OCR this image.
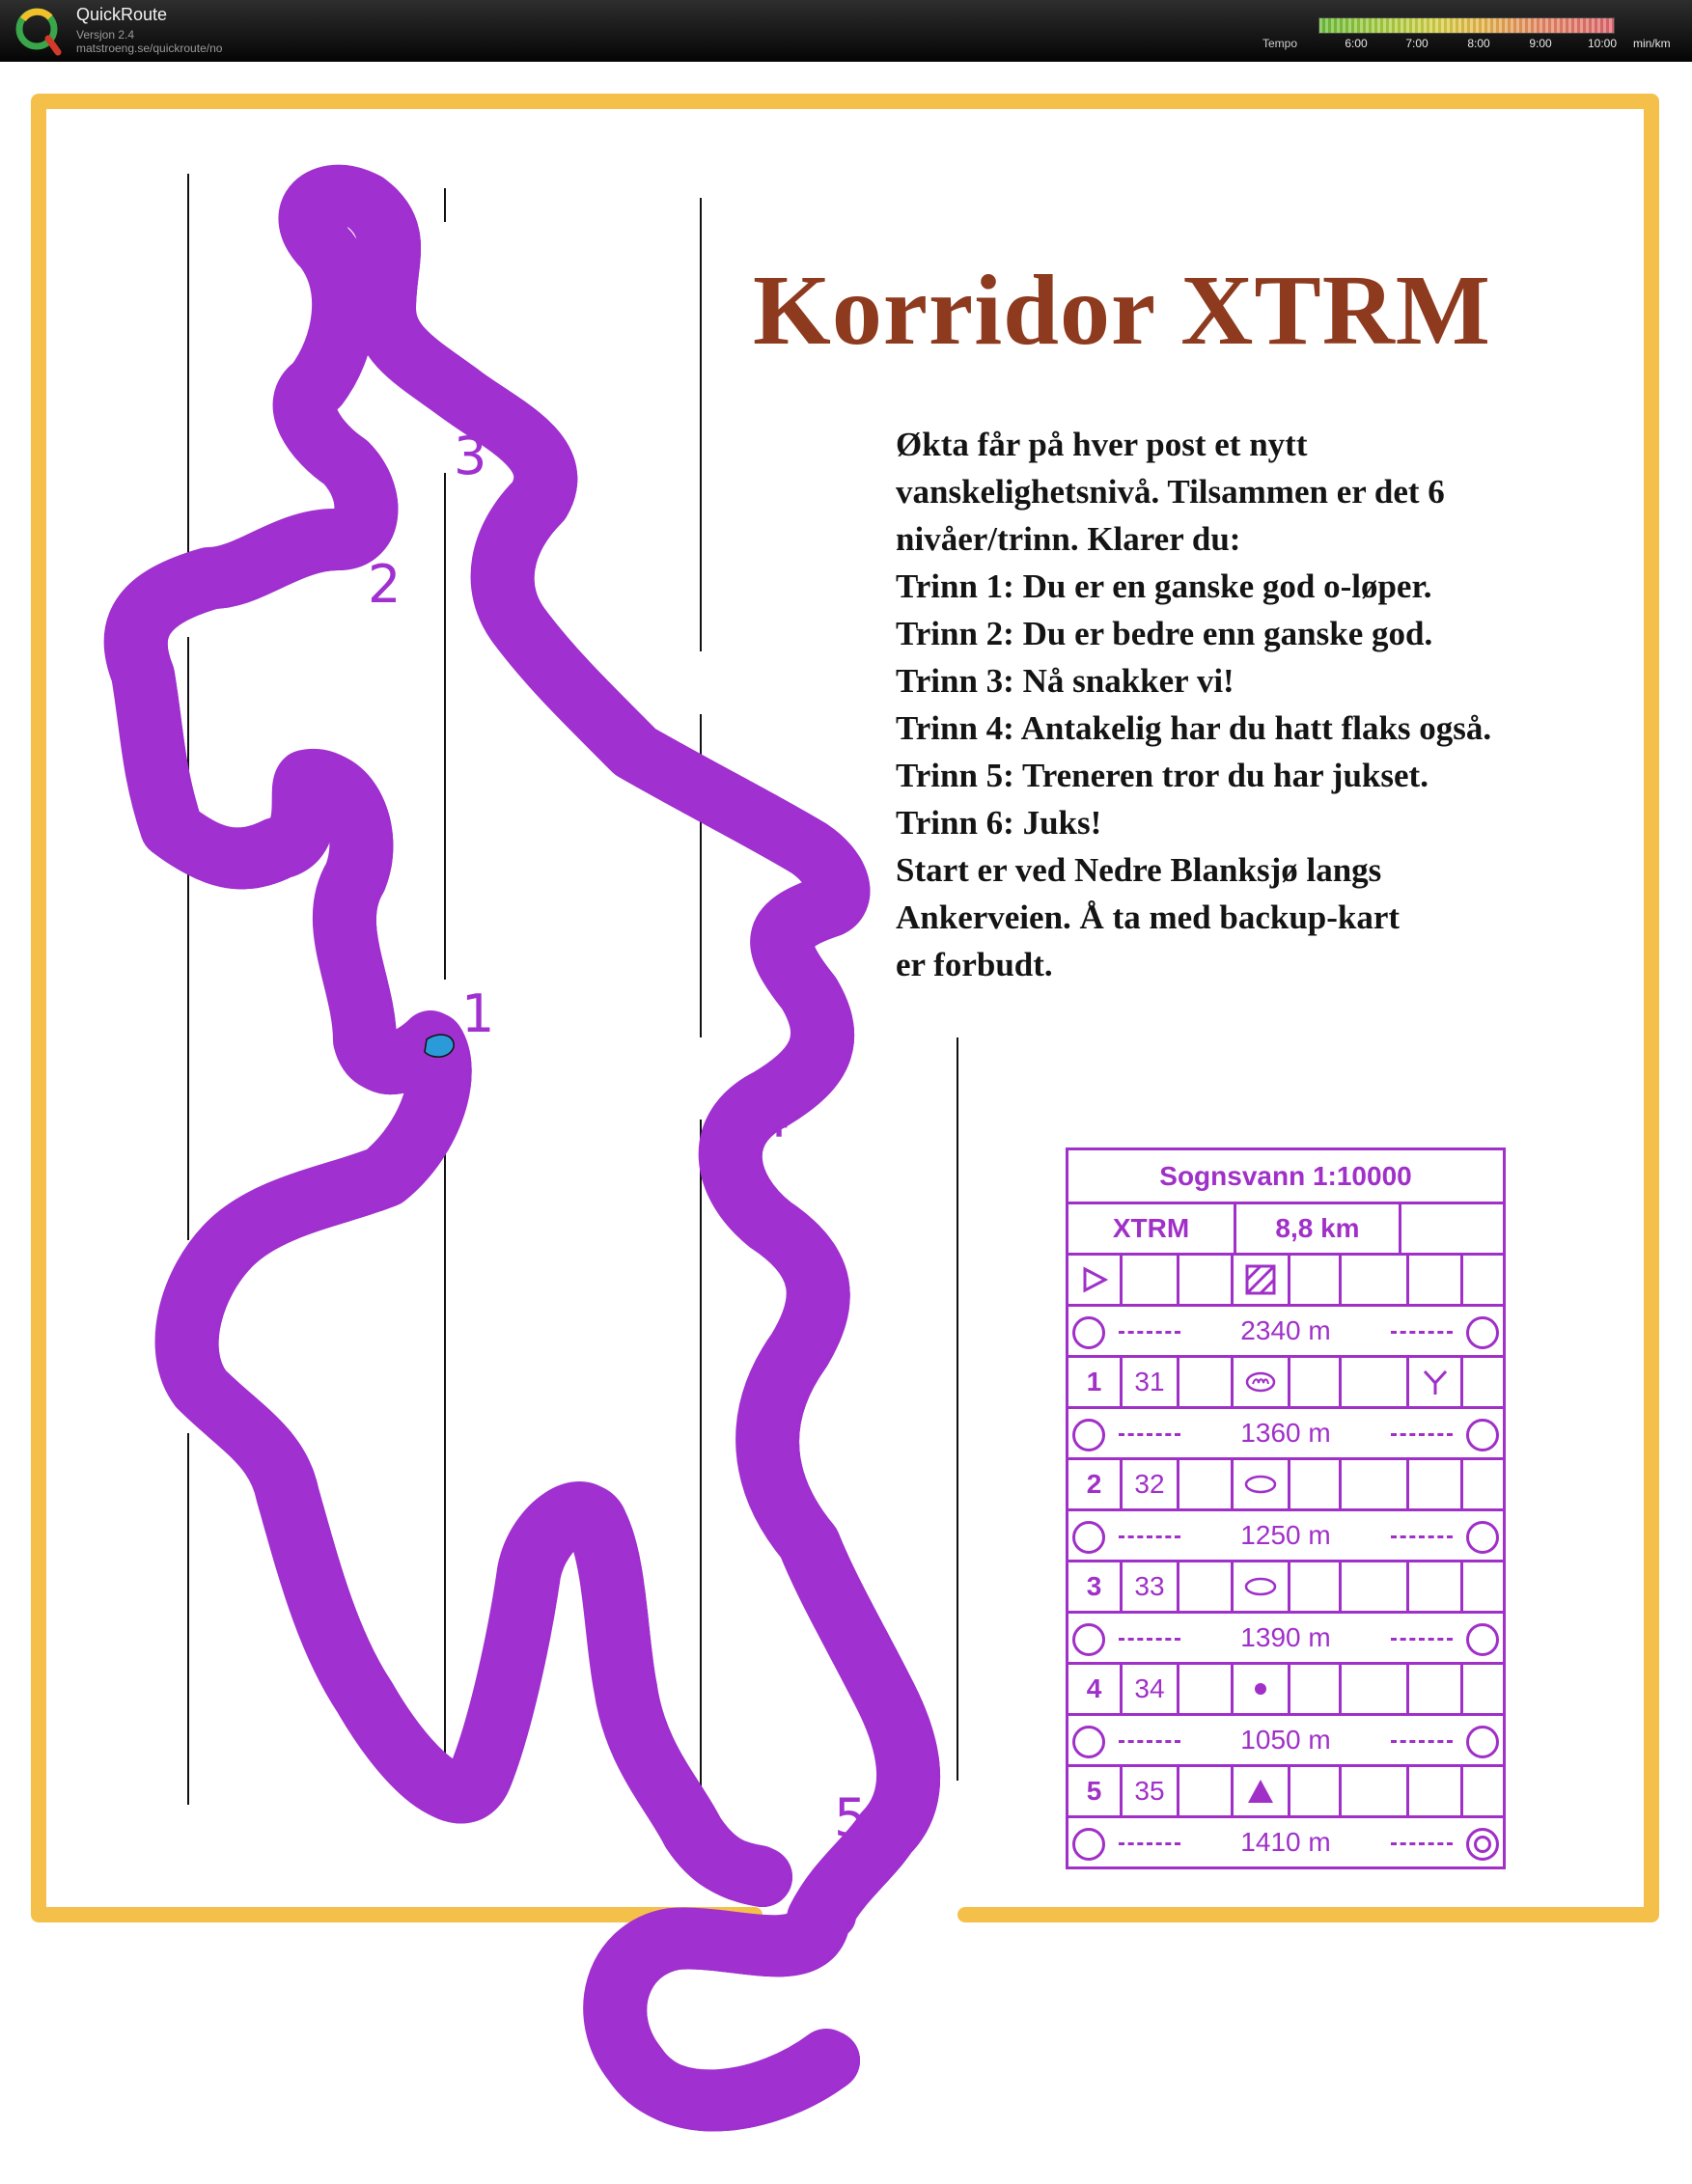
QuickRoute
Versjon 2.4
matstroeng.se/quickroute/no	Tempo	6:00	7:00	8:00	9:00	10:00 min/km
Korridor XTRM

Økta får på hver post et nytt

vanskelighetsnivå. Tilsammen er det 6

nivåer/trinn. Klarer du:

Trinn 1: Du er en ganske god o-løper.

Trinn 2: Du er bedre enn ganske god.

Trinn 3: Nå snakker vi!

Trinn 4: Antakelig har du hatt flaks også.

Trinn 5: Treneren tror du har jukset.

Trinn 6: Juks!

Start er ved Nedre Blanksjø langs

Ankerveien. Å ta med backup-kart

er forbudt.

1
2
3
4
5
Sognsvann 1:10000
XTRM	8,8 km
2340 m
1	31
1360 m
2	32
1250 m
3	33
1390 m
4	34
1050 m
5	35
1410 m
